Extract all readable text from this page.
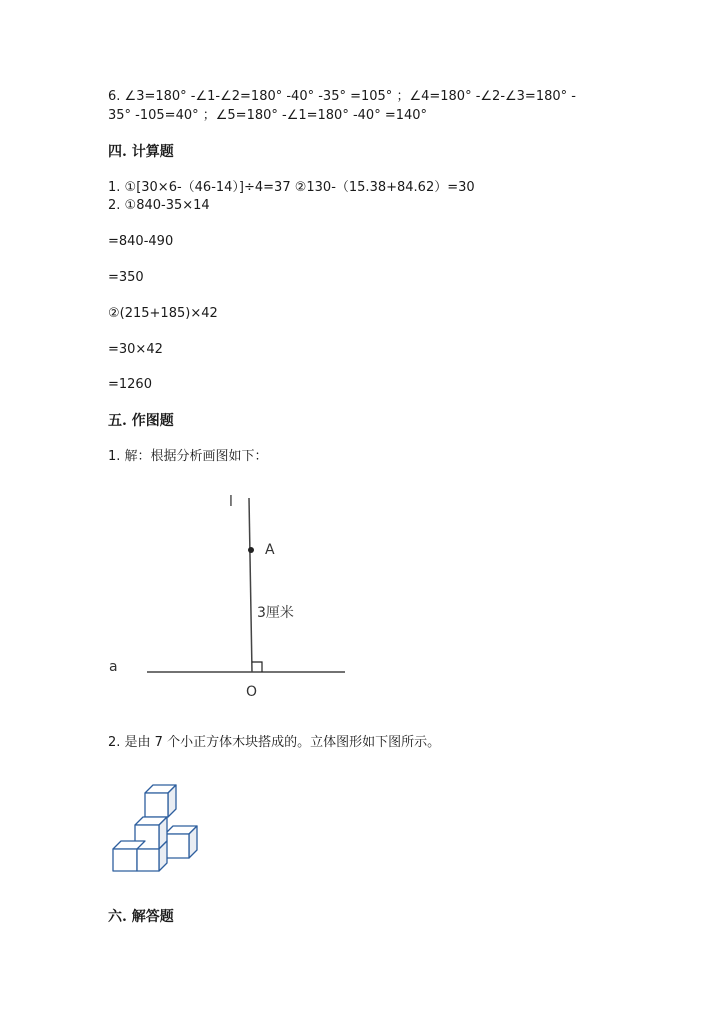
6. ∠3=180° -∠1-∠2=180° -40° -35° =105° ；∠4=180° -∠2-∠3=180° -
35° -105=40° ；∠5=180° -∠1=180° -40° =140°
四. 计算题
1. ①[30×6-（46-14）]÷4=37 ②130-（15.38+84.62）=30
2. ①840-35×14
=840-490
=350
②(215+185)×42
=30×42
=1260
五. 作图题
1. 解：根据分析画图如下：
l
A
3厘米
a
O
2. 是由 7 个小正方体木块搭成的。立体图形如下图所示。
六. 解答题
